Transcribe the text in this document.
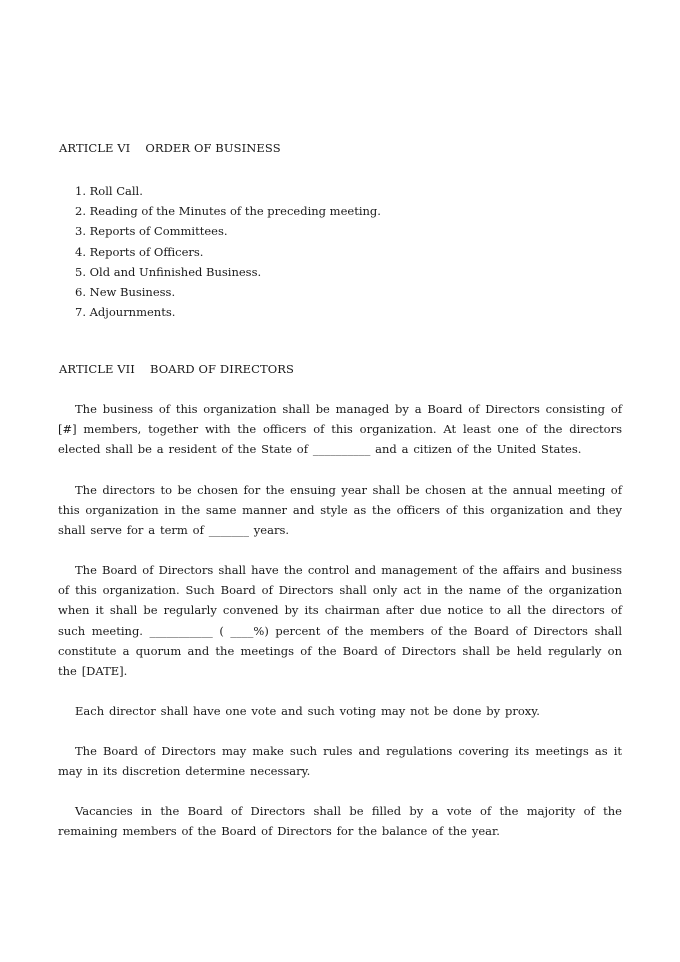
ARTICLE VI    ORDER OF BUSINESS
1. Roll Call.
2. Reading of the Minutes of the preceding meeting.
3. Reports of Committees.
4. Reports of Officers.
5. Old and Unfinished Business.
6. New Business.
7. Adjournments.
ARTICLE VII    BOARD OF DIRECTORS

The business of this organization shall be managed by a Board of Directors consisting of [#] members, together with the officers of this organization. At least one of the directors elected shall be a resident of the State of __________ and a citizen of the United States.

The directors to be chosen for the ensuing year shall be chosen at the annual meeting of this organization in the same manner and style as the officers of this organization and they shall serve for a term of _______ years.

The Board of Directors shall have the control and management of the affairs and business of this organization. Such Board of Directors shall only act in the name of the organization when it shall be regularly convened by its chairman after due notice to all the directors of such meeting. ___________ ( ____%) percent of the members of the Board of Directors shall constitute a quorum and the meetings of the Board of Directors shall be held regularly on the [DATE].

Each director shall have one vote and such voting may not be done by proxy.

The Board of Directors may make such rules and regulations covering its meetings as it may in its discretion determine necessary.

Vacancies in the Board of Directors shall be filled by a vote of the majority of the remaining members of the Board of Directors for the balance of the year.
